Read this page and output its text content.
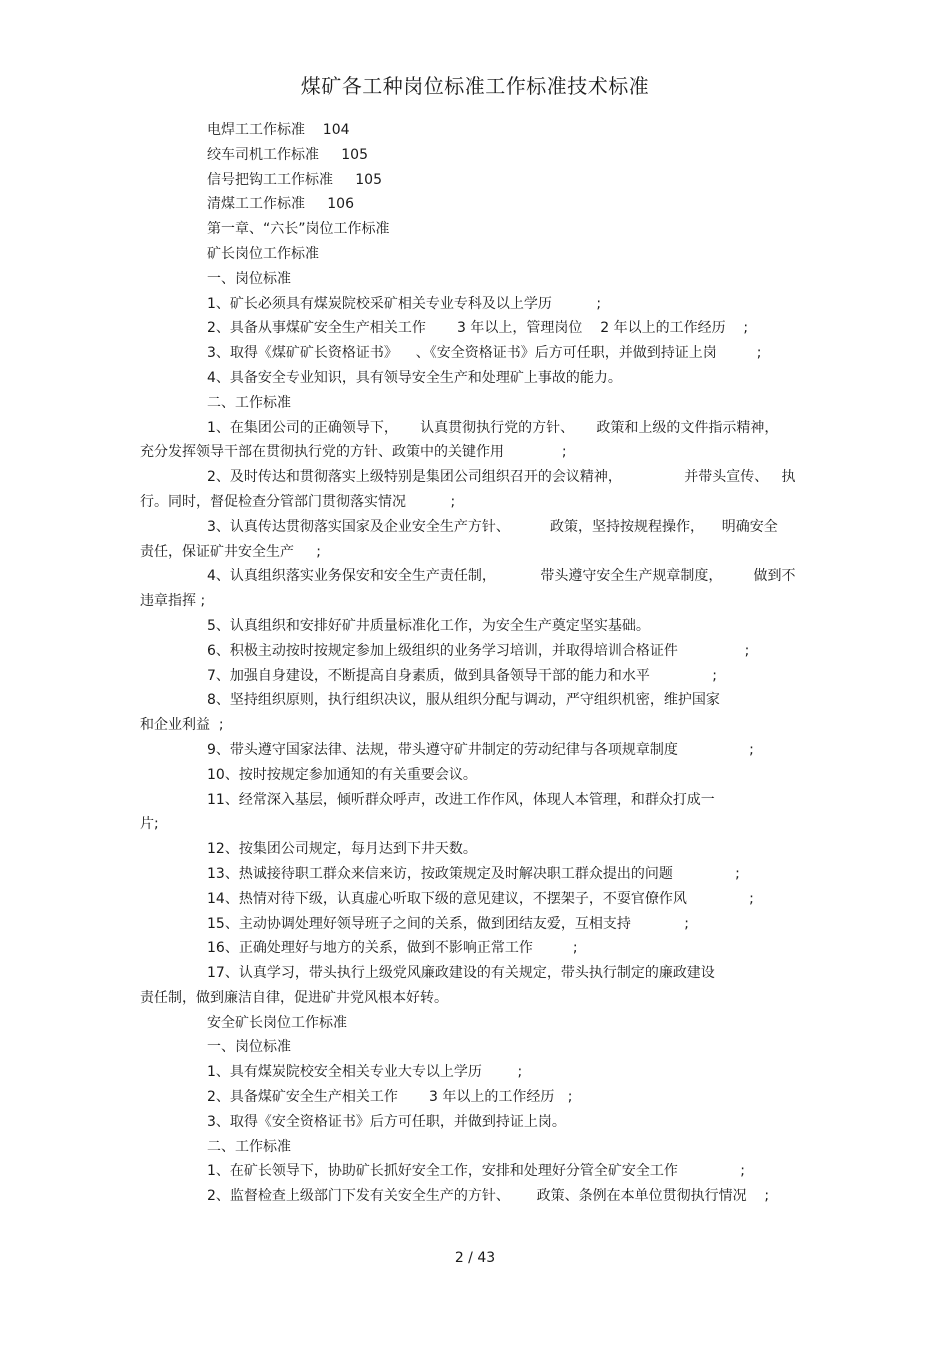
煤矿各工种岗位标准工作标准技术标准
电焊工工作标准    104
绞车司机工作标准     105
信号把钩工工作标准     105
清煤工工作标准     106
第一章、“六长”岗位工作标准
矿长岗位工作标准
一、岗位标准
1、矿长必须具有煤炭院校采矿相关专业专科及以上学历          ;
2、具备从事煤矿安全生产相关工作       3 年以上，管理岗位    2 年以上的工作经历    ;
3、取得《煤矿矿长资格证书》    、《安全资格证书》后方可任职，并做到持证上岗         ;
4、具备安全专业知识，具有领导安全生产和处理矿上事故的能力。
二、工作标准
1、在集团公司的正确领导下，     认真贯彻执行党的方针、     政策和上级的文件指示精神，
充分发挥领导干部在贯彻执行党的方针、政策中的关键作用             ;
2、及时传达和贯彻落实上级特别是集团公司组织召开的会议精神，              并带头宣传、   执
行。同时，督促检查分管部门贯彻落实情况          ;
3、认真传达贯彻落实国家及企业安全生产方针、         政策，坚持按规程操作，    明确安全
责任，保证矿井安全生产     ;
4、认真组织落实业务保安和安全生产责任制，          带头遵守安全生产规章制度，       做到不
违章指挥 ;
5、认真组织和安排好矿井质量标准化工作，为安全生产奠定坚实基础。
6、积极主动按时按规定参加上级组织的业务学习培训，并取得培训合格证件               ;
7、加强自身建设，不断提高自身素质，做到具备领导干部的能力和水平              ;
8、坚持组织原则，执行组织决议，服从组织分配与调动，严守组织机密，维护国家
和企业利益  ;
9、带头遵守国家法律、法规，带头遵守矿井制定的劳动纪律与各项规章制度                ;
10、按时按规定参加通知的有关重要会议。
11、经常深入基层，倾听群众呼声，改进工作作风，体现人本管理，和群众打成一
片;
12、按集团公司规定，每月达到下井天数。
13、热诚接待职工群众来信来访，按政策规定及时解决职工群众提出的问题              ;
14、热情对待下级，认真虚心听取下级的意见建议，不摆架子，不耍官僚作风              ;
15、主动协调处理好领导班子之间的关系，做到团结友爱，互相支持            ;
16、正确处理好与地方的关系，做到不影响正常工作         ;
17、认真学习，带头执行上级党风廉政建设的有关规定，带头执行制定的廉政建设
责任制，做到廉洁自律，促进矿井党风根本好转。
安全矿长岗位工作标准
一、岗位标准
1、具有煤炭院校安全相关专业大专以上学历        ;
2、具备煤矿安全生产相关工作       3 年以上的工作经历   ;
3、取得《安全资格证书》后方可任职，并做到持证上岗。
二、工作标准
1、在矿长领导下，协助矿长抓好安全工作，安排和处理好分管全矿安全工作              ;
2、监督检查上级部门下发有关安全生产的方针、      政策、条例在本单位贯彻执行情况    ;
2 / 43
